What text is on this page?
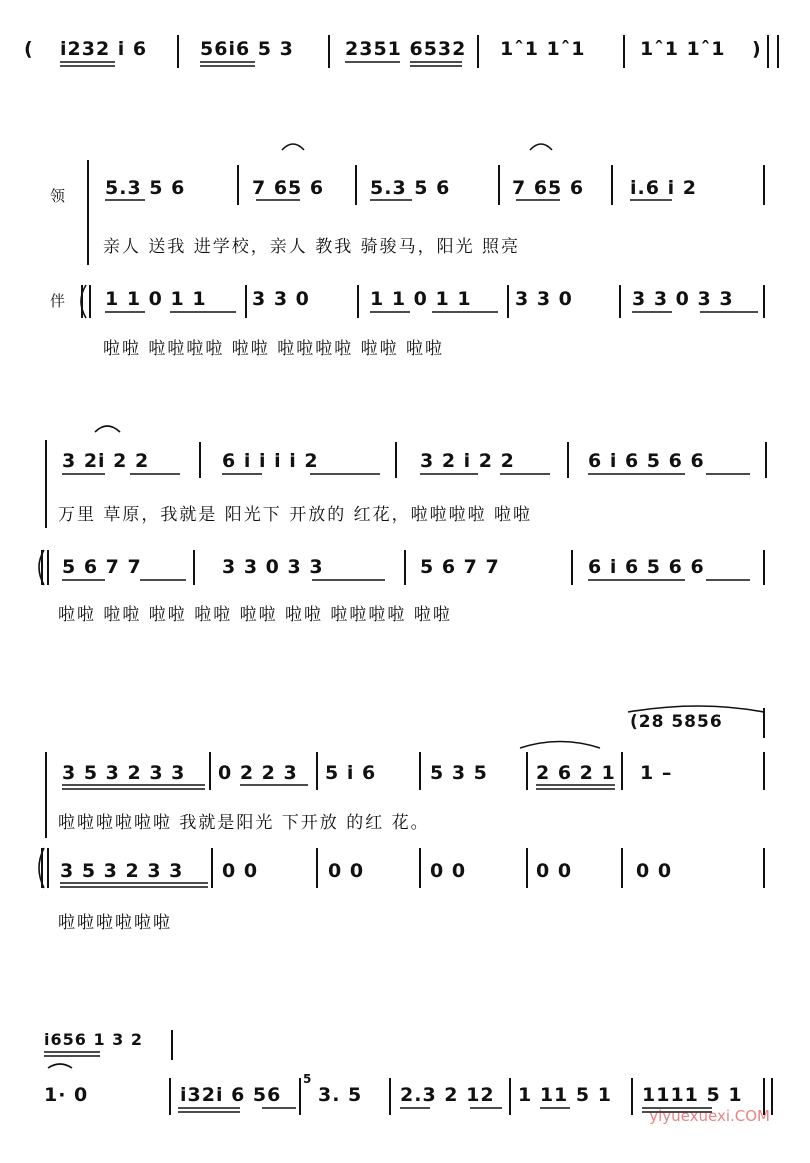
( i232 i 6	56i6 5 3	2351 6532 1ˆ1 1ˆ1	1ˆ1 1ˆ1 )
领
伴
5.3 5 6	7 65 6 5.3 5 6	7 65 6 i.6 i 2
亲人 送我 进学校，亲人 教我 骑骏马，阳光 照亮
1 1 0 1 1 3 3 0	1 1 0 1 1 3 3 0	3 3 0 3 3
啦啦 啦啦啦啦 啦啦 啦啦啦啦 啦啦 啦啦
3 2i 2 2	6 i i i i 2	3 2 i 2 2	6 i 6 5 6 6
万里 草原，我就是 阳光下 开放的 红花，啦啦啦啦 啦啦
5 6 7 7	3 3 0 3 3	5 6 7 7	6 i 6 5 6 6
啦啦 啦啦 啦啦 啦啦 啦啦 啦啦 啦啦啦啦 啦啦
(28 5856
3 5 3 2 3 3 0 2 2 3 5 i 6	5 3 5	2 6 2 1 1 –
啦啦啦啦啦啦 我就是阳光 下开放 的红 花。
3 5 3 2 3 3 0 0	0 0	0 0	0 0	0 0
啦啦啦啦啦啦
i656 1 3 2
1· 0	i32i 6 56
5
3. 5 2.3 2 12 1 11 5 1 1111 5 1
yiyuexuexi.COM
